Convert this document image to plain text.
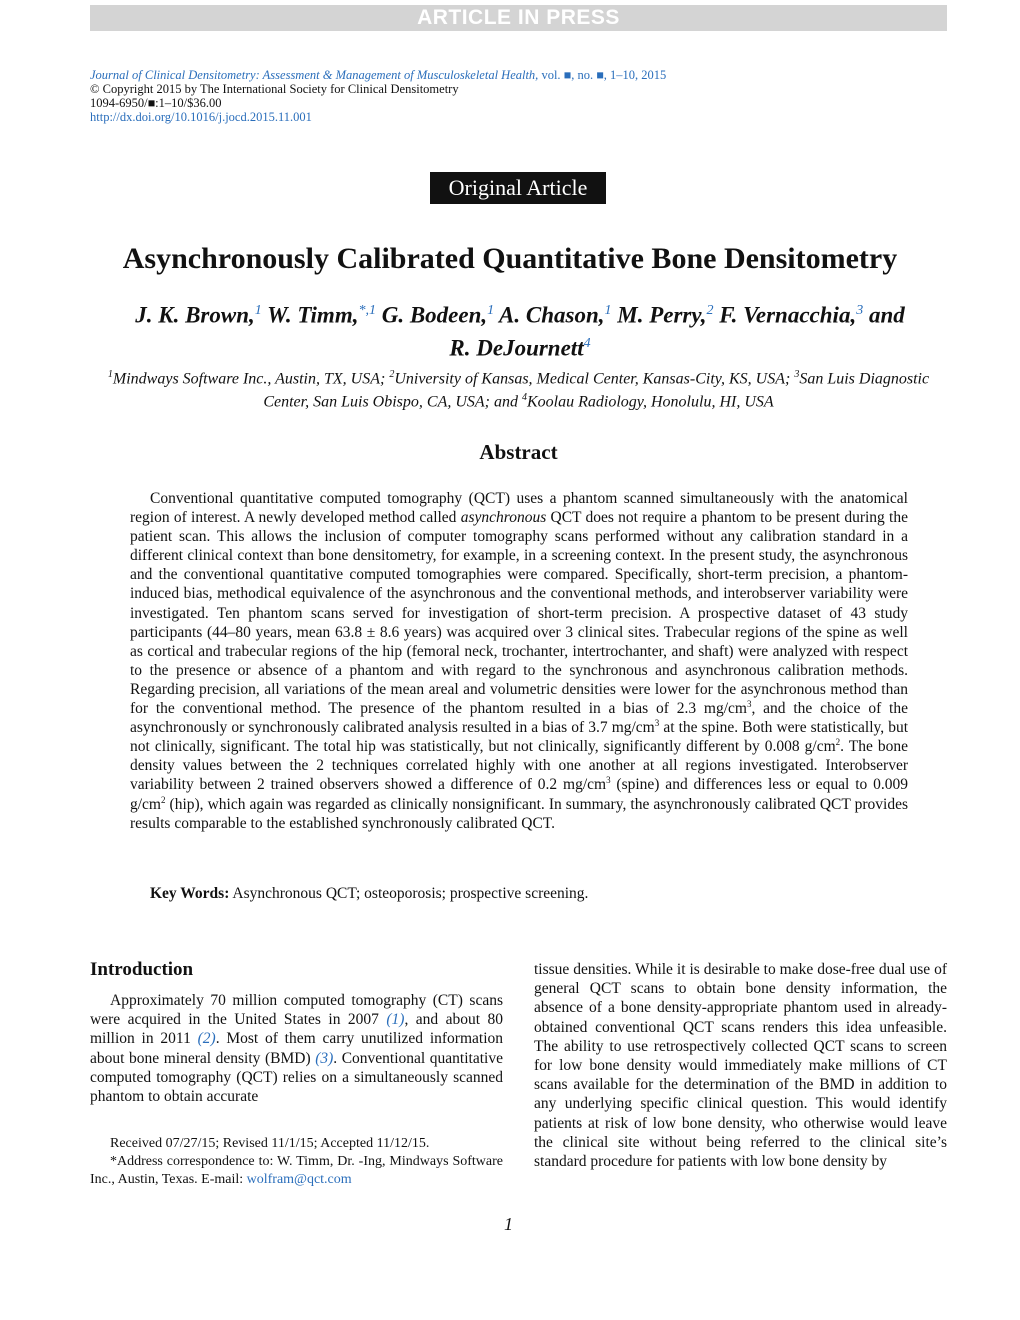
ARTICLE IN PRESS
Journal of Clinical Densitometry: Assessment & Management of Musculoskeletal Health, vol. ■, no. ■, 1–10, 2015
© Copyright 2015 by The International Society for Clinical Densitometry
1094-6950/■:1–10/$36.00
http://dx.doi.org/10.1016/j.jocd.2015.11.001
Original Article
Asynchronously Calibrated Quantitative Bone Densitometry
J. K. Brown,$^1$ W. Timm,$^{*,1}$ G. Bodeen,$^1$ A. Chason,$^1$ M. Perry,$^2$ F. Vernacchia,$^3$ and
R. DeJournett$^4$
$^1$Mindways Software Inc., Austin, TX, USA; $^2$University of Kansas, Medical Center, Kansas-City, KS, USA; $^3$San Luis Diagnostic Center, San Luis Obispo, CA, USA; and $^4$Koolau Radiology, Honolulu, HI, USA
Abstract
Conventional quantitative computed tomography (QCT) uses a phantom scanned simultaneously with the anatomical region of interest. A newly developed method called asynchronous QCT does not require a phantom to be present during the patient scan. This allows the inclusion of computer tomography scans performed without any calibration standard in a different clinical context than bone densitometry, for example, in a screening context. In the present study, the asynchronous and the conventional quantitative computed tomographies were compared. Specifically, short-term precision, a phantom-induced bias, methodical equivalence of the asynchronous and the conventional methods, and interobserver variability were investigated. Ten phantom scans served for investigation of short-term precision. A prospective dataset of 43 study participants (44–80 years, mean 63.8 ± 8.6 years) was acquired over 3 clinical sites. Trabecular regions of the spine as well as cortical and trabecular regions of the hip (femoral neck, trochanter, intertrochanter, and shaft) were analyzed with respect to the presence or absence of a phantom and with regard to the synchronous and asynchronous calibration methods. Regarding precision, all variations of the mean areal and volumetric densities were lower for the asynchronous method than for the conventional method. The presence of the phantom resulted in a bias of 2.3 $mg/cm^3$, and the choice of the asynchronously or synchronously calibrated analysis resulted in a bias of 3.7 $mg/cm^3$ at the spine. Both were statistically, but not clinically, significant. The total hip was statistically, but not clinically, significantly different by 0.008 $g/cm^2$. The bone density values between the 2 techniques correlated highly with one another at all regions investigated. Interobserver variability between 2 trained observers showed a difference of 0.2 $mg/cm^3$ (spine) and differences less or equal to 0.009 $g/cm^2$ (hip), which again was regarded as clinically nonsignificant. In summary, the asynchronously calibrated QCT provides results comparable to the established synchronously calibrated QCT.
Key Words: Asynchronous QCT; osteoporosis; prospective screening.
Introduction
Approximately 70 million computed tomography (CT) scans were acquired in the United States in 2007 (1), and about 80 million in 2011 (2). Most of them carry unutilized information about bone mineral density (BMD) (3). Conventional quantitative computed tomography (QCT) relies on a simultaneously scanned phantom to obtain accurate
tissue densities. While it is desirable to make dose-free dual use of general QCT scans to obtain bone density information, the absence of a bone density-appropriate phantom used in already-obtained conventional QCT scans renders this idea unfeasible. The ability to use retrospectively collected QCT scans to screen for low bone density would immediately make millions of CT scans available for the determination of the BMD in addition to any underlying specific clinical question. This would identify patients at risk of low bone density, who otherwise would leave the clinical site without being referred to the clinical site’s standard procedure for patients with low bone density by
Received 07/27/15; Revised 11/1/15; Accepted 11/12/15.
*Address correspondence to: W. Timm, Dr. -Ing, Mindways Software Inc., Austin, Texas. E-mail: wolfram@qct.com
1
